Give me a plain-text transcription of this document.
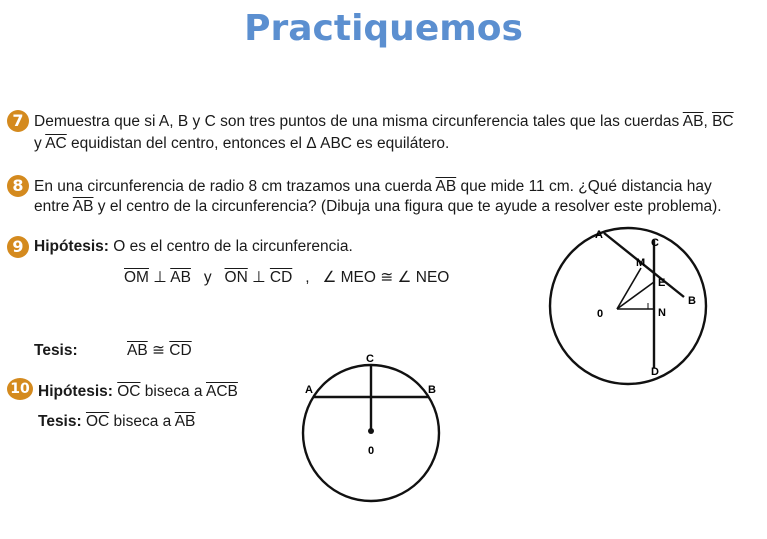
Practiquemos
7 Demuestra que si A, B y C son tres puntos de una misma circunferencia tales que las cuerdas $\overline{AB}$, $\overline{BC}$
y $\overline{AC}$ equidistan del centro, entonces el Δ ABC es equilátero.
8 En una circunferencia de radio 8 cm trazamos una cuerda $\overline{AB}$ que mide 11 cm. ¿Qué distancia hay
entre $\overline{AB}$ y el centro de la circunferencia? (Dibuja una figura que te ayude a resolver este problema).
9 Hipótesis: O es el centro de la circunferencia.
$\overline{OM}$ ⊥ $\overline{AB}$ y $\overline{ON}$ ⊥ $\overline{CD}$ , ∠ MEO ≅ ∠ NEO
Tesis:	$\overline{AB}$ ≅ $\overline{CD}$
10 Hipótesis: $\overline{OC}$ biseca a $\overline{ACB}$
Tesis: $\overline{OC}$ biseca a $\overline{AB}$
A
C
M
E
B
0	N
D
C
A	B
0
